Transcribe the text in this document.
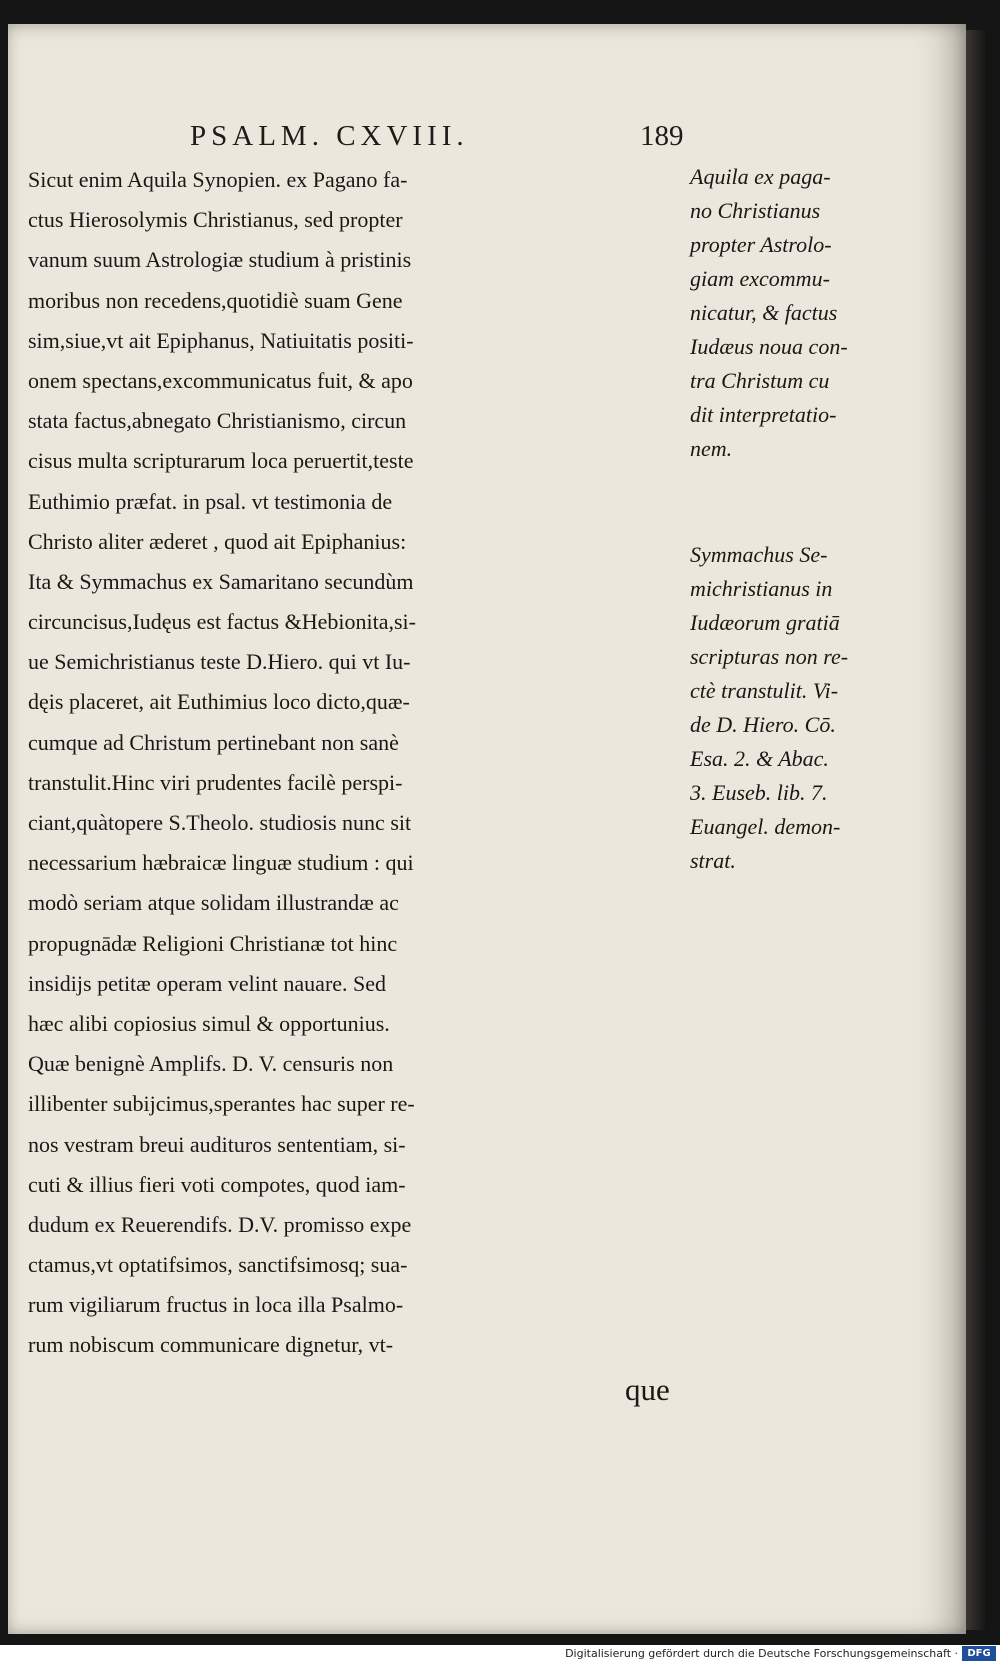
PSALM. CXVIII.	189
Sicut enim Aquila Synopien. ex Pagano fa-
ctus Hierosolymis Christianus, sed propter
vanum suum Astrologiæ studium à pristinis
moribus non recedens,quotidiè suam Gene
sim,siue,vt ait Epiphanus, Natiuitatis positi-
onem spectans,excommunicatus fuit, & apo
stata factus,abnegato Christianismo, circun
cisus multa scripturarum loca peruertit,teste
Euthimio præfat. in psal. vt testimonia de
Christo aliter æderet , quod ait Epiphanius:
Ita & Symmachus ex Samaritano secundùm
circuncisus,Iudęus est factus &Hebionita,si-
ue Semichristianus teste D.Hiero. qui vt Iu-
dęis placeret, ait Euthimius loco dicto,quæ-
cumque ad Christum pertinebant non sanè
transtulit.Hinc viri prudentes facilè perspi-
ciant,quàtopere S.Theolo. studiosis nunc sit
necessarium hæbraicæ linguæ studium : qui
modò seriam atque solidam illustrandæ ac
propugnādæ Religioni Christianæ tot hinc
insidijs petitæ operam velint nauare. Sed
hæc alibi copiosius simul & opportunius.
Quæ benignè Amplifs. D. V. censuris non
illibenter subijcimus,sperantes hac super re-
nos vestram breui audituros sententiam, si-
cuti & illius fieri voti compotes, quod iam-
dudum ex Reuerendifs. D.V. promisso expe
ctamus,vt optatifsimos, sanctifsimosq; sua-
rum vigiliarum fructus in loca illa Psalmo-
rum nobiscum communicare dignetur, vt-
Aquila ex paga-
no Christianus
propter Astrolo-
giam excommu-
nicatur, & factus
Iudæus noua con-
tra Christum cu
dit interpretatio-
nem.
Symmachus Se-
michristianus in
Iudæorum gratiā
scripturas non re-
ctè transtulit. Vi-
de D. Hiero. Cō.
Esa. 2. & Abac.
3. Euseb. lib. 7.
Euangel. demon-
strat.
que
Digitalisierung gefördert durch die Deutsche Forschungsgemeinschaft · DFG
